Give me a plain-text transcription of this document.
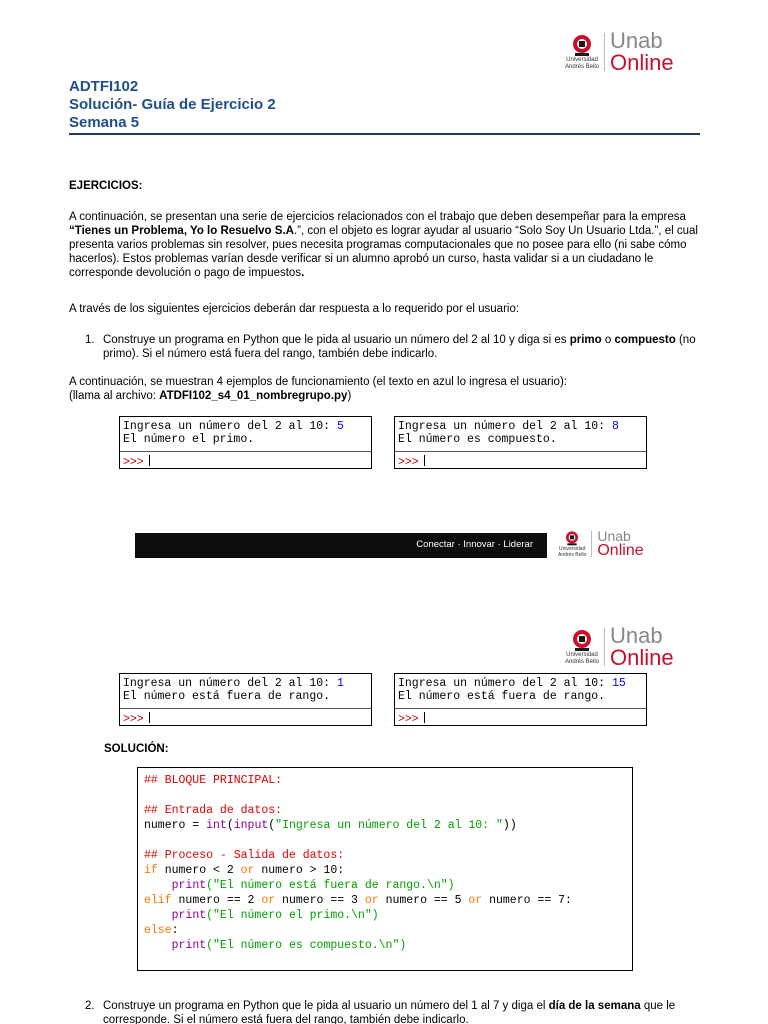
Universidad
Andrés Bello
Unab
Online
ADTFI102
Solución- Guía de Ejercicio 2
Semana 5
EJERCICIOS:
A continuación, se presentan una serie de ejercicios relacionados con el trabajo que deben desempeñar para la empresa “Tienes un Problema, Yo lo Resuelvo S.A.”, con el objeto es lograr ayudar al usuario “Solo Soy Un Usuario Ltda.”, el cual presenta varios problemas sin resolver, pues necesita programas computacionales que no posee para ello (ni sabe cómo hacerlos). Estos problemas varían desde verificar si un alumno aprobó un curso, hasta validar si a un ciudadano le corresponde devolución o pago de impuestos.
A través de los siguientes ejercicios deberán dar respuesta a lo requerido por el usuario:
1. Construye un programa en Python que le pida al usuario un número del 2 al 10 y diga si es primo o compuesto (no primo). Si el número está fuera del rango, también debe indicarlo.
A continuación, se muestran 4 ejemplos de funcionamiento (el texto en azul lo ingresa el usuario):
(llama al archivo: ATDFI102_s4_01_nombregrupo.py)
Ingresa un número del 2 al 10: 5
El número el primo.
>>>
Ingresa un número del 2 al 10: 8
El número es compuesto.
>>>
Conectar · Innovar · Liderar	Universidad
Andrés Bello
Unab
Online
Universidad
Andrés Bello
Unab
Online
Ingresa un número del 2 al 10: 1
El número está fuera de rango.
>>>
Ingresa un número del 2 al 10: 15
El número está fuera de rango.
>>>
SOLUCIÓN:
## BLOQUE PRINCIPAL:
## Entrada de datos:
numero = int(input("Ingresa un número del 2 al 10: "))
## Proceso - Salida de datos:
if numero < 2 or numero > 10:
print("El número está fuera de rango.\n")
elif numero == 2 or numero == 3 or numero == 5 or numero == 7:
print("El número el primo.\n")
else:
print("El número es compuesto.\n")
2. Construye un programa en Python que le pida al usuario un número del 1 al 7 y diga el día de la semana que le corresponde. Si el número está fuera del rango, también debe indicarlo.
